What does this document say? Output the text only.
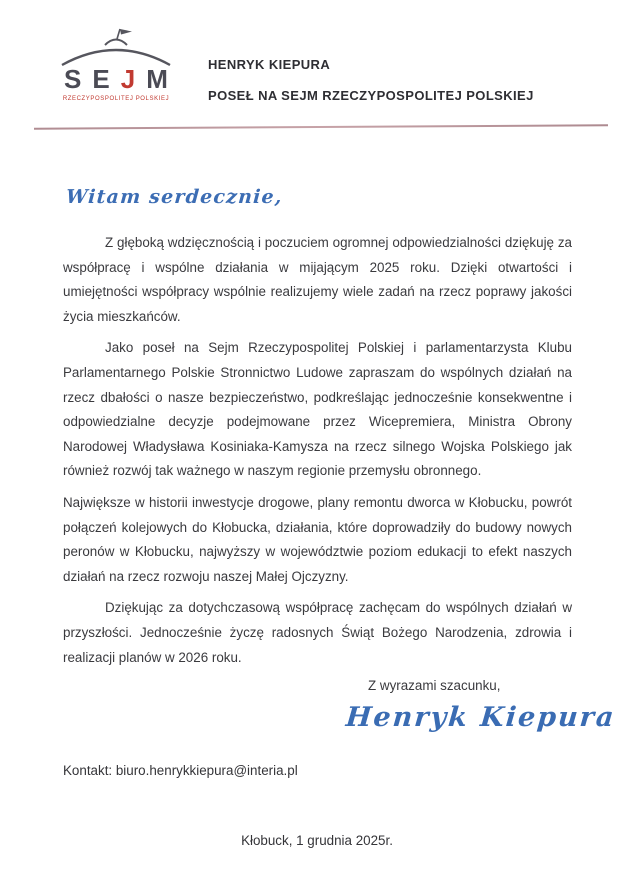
S E J M
RZECZYPOSPOLITEJ POLSKIEJ
HENRYK KIEPURA
POSEŁ NA SEJM RZECZYPOSPOLITEJ POLSKIEJ
Witam serdecznie,

Z głęboką wdzięcznością i poczuciem ogromnej odpowiedzialności dziękuję za współpracę i wspólne działania w mijającym 2025 roku. Dzięki otwartości i umiejętności współpracy wspólnie realizujemy wiele zadań na rzecz poprawy jakości życia mieszkańców.

Jako poseł na Sejm Rzeczypospolitej Polskiej i parlamentarzysta Klubu Parlamentarnego Polskie Stronnictwo Ludowe zapraszam do wspólnych działań na rzecz dbałości o nasze bezpieczeństwo, podkreślając jednocześnie konsekwentne i odpowiedzialne decyzje podejmowane przez Wicepremiera, Ministra Obrony Narodowej Władysława Kosiniaka-Kamysza na rzecz silnego Wojska Polskiego jak również rozwój tak ważnego w naszym regionie przemysłu obronnego.

Największe w historii inwestycje drogowe, plany remontu dworca w Kłobucku, powrót połączeń kolejowych do Kłobucka, działania, które doprowadziły do budowy nowych peronów w Kłobucku, najwyższy w województwie poziom edukacji to efekt naszych działań na rzecz rozwoju naszej Małej Ojczyzny.

Dziękując za dotychczasową współpracę zachęcam do wspólnych działań w przyszłości. Jednocześnie życzę radosnych Świąt Bożego Narodzenia, zdrowia i realizacji planów w 2026 roku.

Z wyrazami szacunku,
Henryk Kiepura
Kontakt: biuro.henrykkiepura@interia.pl
Kłobuck, 1 grudnia 2025r.
